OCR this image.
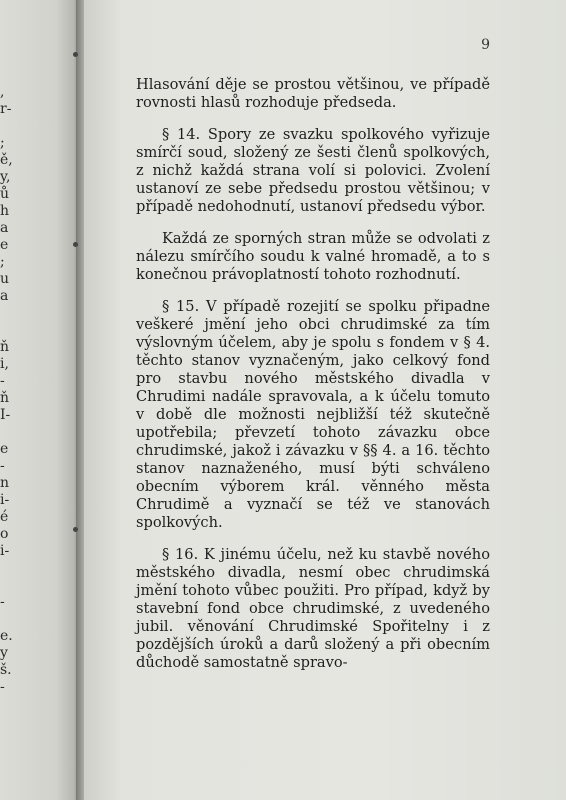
,
r-
;
ě,
y,
ů
h
a
e
;
u
a
ň
i,
-
ň
I-
e
-
n
i-
é
o
i-
-
e.
y
š.
-
9

Hlasování děje se prostou většinou, ve případě rovnosti hlasů rozhoduje předseda.

§ 14. Spory ze svazku spolkového vyřizuje smírčí soud, složený ze šesti členů spolkových, z nichž každá strana volí si polovici. Zvolení ustanoví ze sebe předsedu prostou většinou; v případě nedohodnutí, ustanoví předsedu výbor.

Každá ze sporných stran může se odvolati z nálezu smírčího soudu k valné hromadě, a to s konečnou právoplatností tohoto rozhodnutí.

§ 15. V případě rozejití se spolku připadne veškeré jmění jeho obci chrudimské za tím výslovným účelem, aby je spolu s fondem v § 4. těchto stanov vyznačeným, jako celkový fond pro stavbu nového městského divadla v Chrudimi nadále spravovala, a k účelu tomuto v době dle možnosti nejbližší též skutečně upotřebila; převzetí tohoto závazku obce chrudimské, jakož i závazku v §§ 4. a 16. těchto stanov naznaženého, musí býti schváleno obecním výborem král. věnného města Chrudimě a vyznačí se též ve stanovách spolkových.

§ 16. K jinému účelu, než ku stavbě nového městského divadla, nesmí obec chrudimská jmění tohoto vůbec použiti. Pro případ, když by stavební fond obce chrudimské, z uvedeného jubil. věnování Chrudimské Spořitelny i z pozdějších úroků a darů složený a při obecním důchodě samostatně spravo-
